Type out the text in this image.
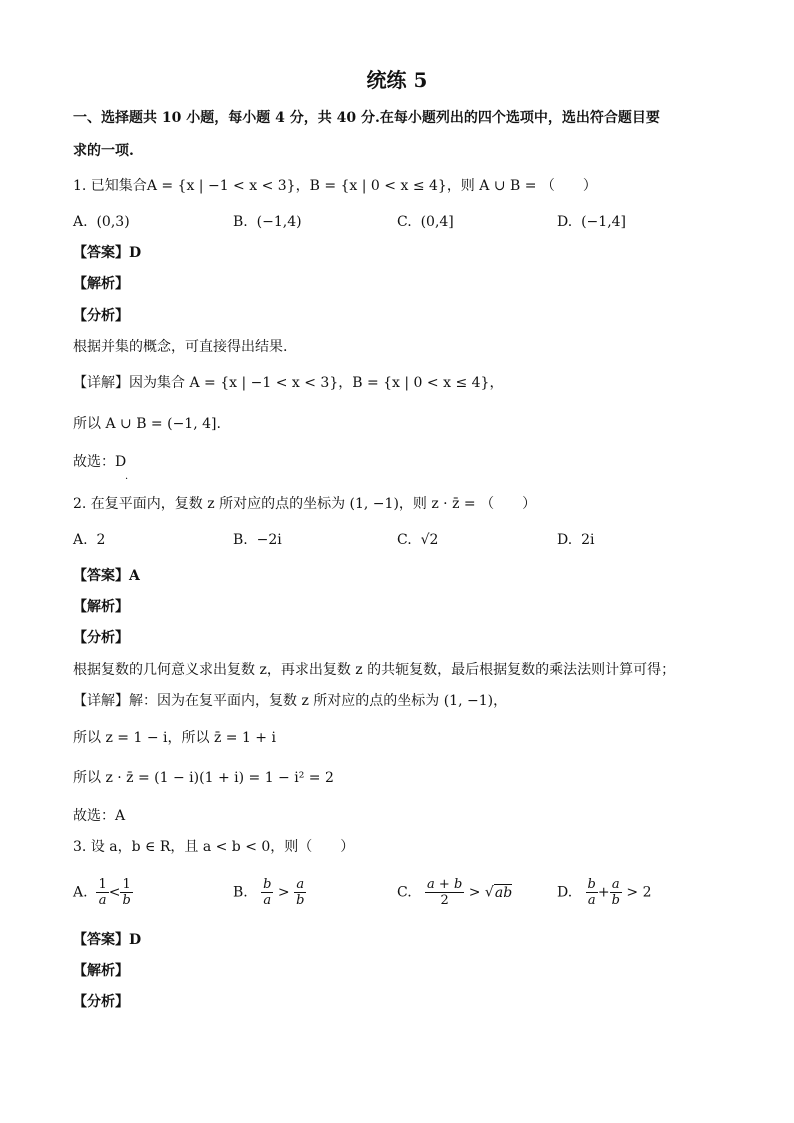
统练 5
一、选择题共 10 小题，每小题 4 分，共 40 分.在每小题列出的四个选项中，选出符合题目要
求的一项.
1. 已知集合A = {x | −1 < x < 3}，B = {x | 0 < x ≤ 4}，则 A ∪ B = （　　）
A. (0,3)	B. (−1,4)	C. (0,4]	D. (−1,4]
【答案】D
【解析】
【分析】
根据并集的概念，可直接得出结果.
【详解】因为集合 A = {x | −1 < x < 3}，B = {x | 0 < x ≤ 4}，
所以 A ∪ B = (−1, 4].
故选：D
·
2. 在复平面内，复数 z 所对应的点的坐标为 (1, −1)，则 z · z̄ = （　　）
A. 2	B. −2i	C. √2	D. 2i
【答案】A
【解析】
【分析】
根据复数的几何意义求出复数 z，再求出复数 z 的共轭复数，最后根据复数的乘法法则计算可得；
【详解】解：因为在复平面内，复数 z 所对应的点的坐标为 (1, −1)，
所以 z = 1 − i，所以 z̄ = 1 + i
所以 z · z̄ = (1 − i)(1 + i) = 1 − i² = 2
故选：A
3. 设 a，b ∈ R，且 a < b < 0，则（　　）
A. $\frac{1}{a} < \frac{1}{b}$	B. $\frac{b}{a} > \frac{a}{b}$	C. $\frac{a + b}{2} > √ab$	D. $\frac{b}{a} + \frac{a}{b} > 2$
【答案】D
【解析】
【分析】
